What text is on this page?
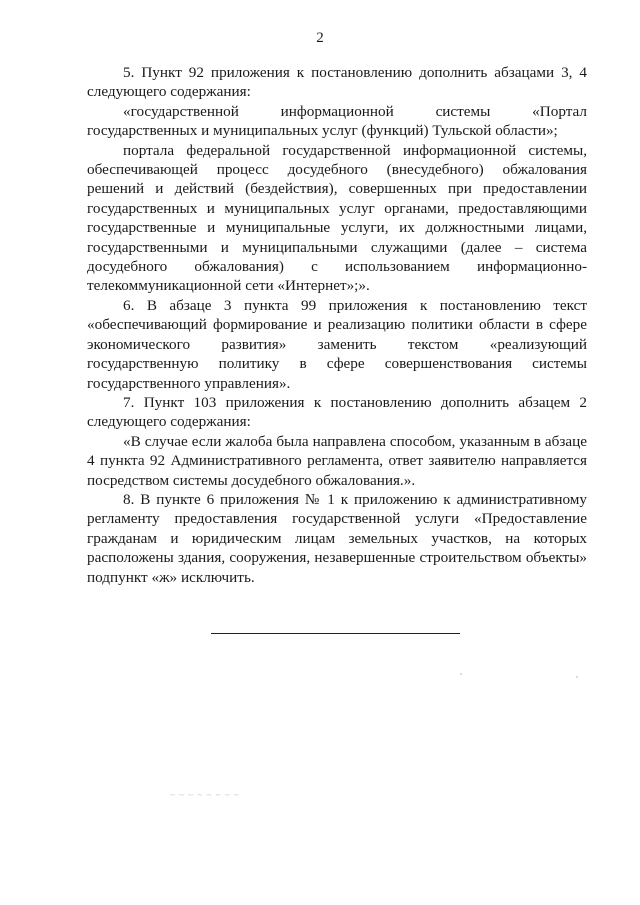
2

5. Пункт 92 приложения к постановлению дополнить абзацами 3, 4 следующего содержания:

«государственной информационной системы «Портал государственных и муниципальных услуг (функций) Тульской области»;

портала федеральной государственной информационной системы, обеспечивающей процесс досудебного (внесудебного) обжалования решений и действий (бездействия), совершенных при предоставлении государственных и муниципальных услуг органами, предоставляющими государственные и муниципальные услуги, их должностными лицами, государственными и муниципальными служащими (далее – система досудебного обжалования) с использованием информационно-телекоммуникационной сети «Интернет»;».

6. В абзаце 3 пункта 99 приложения к постановлению текст «обеспечивающий формирование и реализацию политики области в сфере экономического развития» заменить текстом «реализующий государственную политику в сфере совершенствования системы государственного управления».

7. Пункт 103 приложения к постановлению дополнить абзацем 2 следующего содержания:

«В случае если жалоба была направлена способом, указанным в абзаце 4 пункта 92 Административного регламента, ответ заявителю направляется посредством системы досудебного обжалования.».

8. В пункте 6 приложения № 1 к приложению к административному регламенту предоставления государственной услуги «Предоставление гражданам и юридическим лицам земельных участков, на которых расположены здания, сооружения, незавершенные строительством объекты» подпункт «ж» исключить.

~ ~ ~ ~ ~ ~ ~ ~
